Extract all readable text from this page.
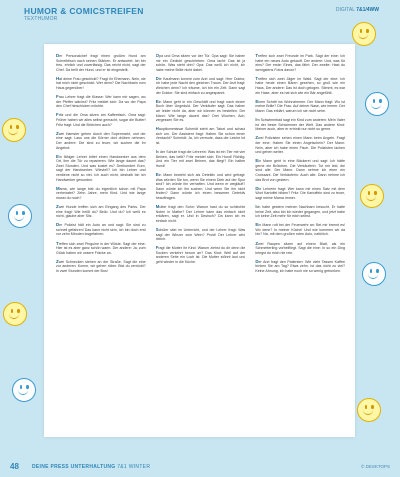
HUMOR & COMICSTREIFEN
TEXTHUMOR
DIGITAL 7&1/4WW

Der Personalchef fragt einen großen Hund am Schreibtisch nach seinen Stärken. Er antwortet: Ich bin treu, ehrlich und zuverlässig. Das reicht nicht, sagt der Chef. Da bellt der Hund, und er ist eingestellt.

Hat deine Frau geschickt? Fragt ihr Ehemann. Nein, sie hat mich nicht geschickt. Wer denn? Die Nachbarin vom Haus gegenüber!

Frau Lehrer fragt die Klasse: Wer kann mir sagen, wo der Pfeffer wächst? Fritz meldet sich: Da wo der Papa den Chef hinschicken möchte.

Fritz und die Oma sitzen am Kaffeetisch. Oma sagt: Früher haben wir alles selbst gemacht, sogar die Butter! Fritz fragt: Und die Brötchen auch?

Zwei Hamster gehen durch den Supermarkt, und der eine sagt: Lass uns die Körner dort drüben nehmen. Der andere: Die sind zu teuer, wir suchen die im Angebot.

Ein fähiger Lehrer bittet einen Handwerker aus dem Ort, ihm die Tür zu reparieren. Wie lange dauert das? Zwei Stunden. Und was kostet es? Dreihundert Euro, sagt der Handwerker. Wieviel!? Ich bin Lehrer und verdiene nicht so viel. Ich auch nicht, deshalb bin ich Handwerker geworden.

Mama, wie lange bist du eigentlich schon mit Papa verheiratet? Zehn Jahre, mein Kind. Und wie lange musst du noch?

Zwei Hunde treffen sich am Eingang des Parks. Der eine fragt: Wie heißt du? Bello. Und du? Ich weiß es nicht, glaube aber Sitz.

Der Polizist hält ein Auto an und sagt: Sie sind zu schnell gefahren! Das kann nicht sein, ich bin doch erst vor zehn Minuten losgefahren.

Treffen sich zwei Pinguine in der Wüste. Sagt der eine: Hier ist es aber ganz schön warm. Der andere: Ja, zum Glück haben wir unsere Fräcke an.

Zwei Schnecken stehen an der Straße. Sagt die eine zur anderen: Komm, wir gehen rüber. Bist du verrückt? In zwei Stunden kommt der Bus!

Opa und Oma sitzen vor der Tür. Opa sagt: Sie haben mir ein Gedicht geschrieben. Oma lacht: Das ist ja schön. Was steht drin? Opa: Das weiß ich nicht, ich habe meine Brille nicht dabei.

Die Kaufmann kommt zum Arzt und sagt: Herr Doktor, ich habe jede Nacht den gleichen Traum. Der Arzt fragt: Welchen denn? Ich träume, ich bin ein Zelt. Dann sagt der Doktor: Sie sind einfach zu angespannt.

Ein Mann geht in ein Geschäft und fragt nach einem Buch über Ungeduld. Der Verkäufer sagt: Das haben wir leider nicht da, aber wir können es bestellen. Der Mann: Wie lange dauert das? Drei Wochen. Ach, vergessen Sie es.

Hauptkommissar Schmidt steht am Tatort und schaut sich um. Der Assistent fragt: Haben Sie schon einen Verdacht? Schmidt: Ja, ich vermute, dass die Leiche tot ist.

In der Schule fragt die Lehrerin: Was ist ein Tier mit vier Beinen, das bellt? Fritz meldet sich: Ein Hund! Richtig. Und ein Tier mit zwei Beinen, das fliegt? Ein halber Hund!

Ein Mann bewirbt sich als Detektiv und wird gefragt: Was würden Sie tun, wenn Sie einem Dieb auf der Spur sind? Ich würde ihn verhaften. Und wenn er wegläuft? Dann würde ich ihn suchen. Und wenn Sie ihn nicht finden? Dann würde ich einen besseren Detektiv beauftragen.

Mutter fragt den Sohn: Warum hast du so schlechte Noten in Mathe? Der Lehrer kann das einfach nicht erklären, sagt er. Und in Deutsch? Da kann ich es einfach nicht.

Schüler sitzt im Unterricht, und der Lehrer fragt: Was sagt der Winzer zum Wein? Prost! Der Lehrer wird bleich.

Fragt die Mutter ihr Kind: Warum ziehst du dir denn die Socken verkehrt herum an? Das Kind: Weil auf der anderen Seite ein Loch ist. Die Mutter stöhnt laut und geht wieder in die Küche.

Treffen sich zwei Freunde im Park. Sagt der eine: Ich habe ein neues Auto gekauft. Der andere: Und, was für eins? Der erste: Eines, das fährt. Der zweite: Hast du wenigstens Fotos davon?

Treffen sich zwei Jäger im Wald. Sagt der eine: Ich habe heute einen Bären gesehen, so groß wie ein Haus. Der andere: Das ist doch gelogen. Stimmt, es war ein Hase, aber es hat sich wie ein Bär angefühlt.

Einen Schritt ins Wohnzimmer. Der Mann fragt: Wo ist meine Brille? Die Frau: Auf deiner Nase, wie immer. Der Mann: Das erklärt, warum ich sie nicht sehe.

Im Schwimmbad sagt ein Kind zum anderen: Mein Vater ist der beste Schwimmer der Welt. Das andere Kind: Meiner auch, aber er ertrinkt nur nicht so gerne.

Zwei Polizisten sehen einen Mann beim Angeln. Fragt der eine: Haben Sie einen Angelschein? Der Mann: Nein, aber ich habe einen Fisch. Die Polizisten lachen und gehen weiter.

Ein Mann geht in eine Bäckerei und sagt: Ich hätte gerne ein Brötchen. Die Verkäuferin: Tut mir leid, die sind alle. Der Mann: Dann nehme ich eben ein Croissant. Die Verkäuferin: Auch alle. Dann nehme ich das Brot von gestern.

Die Lehrerin fragt: Wer kann mir einen Satz mit dem Wort Kartoffel bilden? Fritz: Die Kartoffeln sind zu teuer, sagt meine Mama immer.

Ich habe gestern meinen Nachbarn besucht. Er hatte keine Zeit, also bin ich wieder gegangen, und jetzt habe ich keine Zeit mehr für mich selbst.

Ein Mann ruft bei der Feuerwehr an: Bei mir brennt es! Wo denn? In meiner Küche! Und wie kommen wir da hin? Na, mit dem großen roten Auto, natürlich.

Zwei Raupen sitzen auf einem Blatt, als ein Schmetterling vorbeifliegt. Sagt die eine: In so ein Ding kriegst du mich nie rein.

Der Arzt fragt den Patienten: Wie viele Tassen Kaffee trinken Sie am Tag? Etwa zehn. Ist das nicht zu viel? Keine Ahnung, ich habe noch nie so wenig getrunken.

48	DEINE PRESS UNTERHALTUNG 7&1 WINTER	© DESKTOPS
